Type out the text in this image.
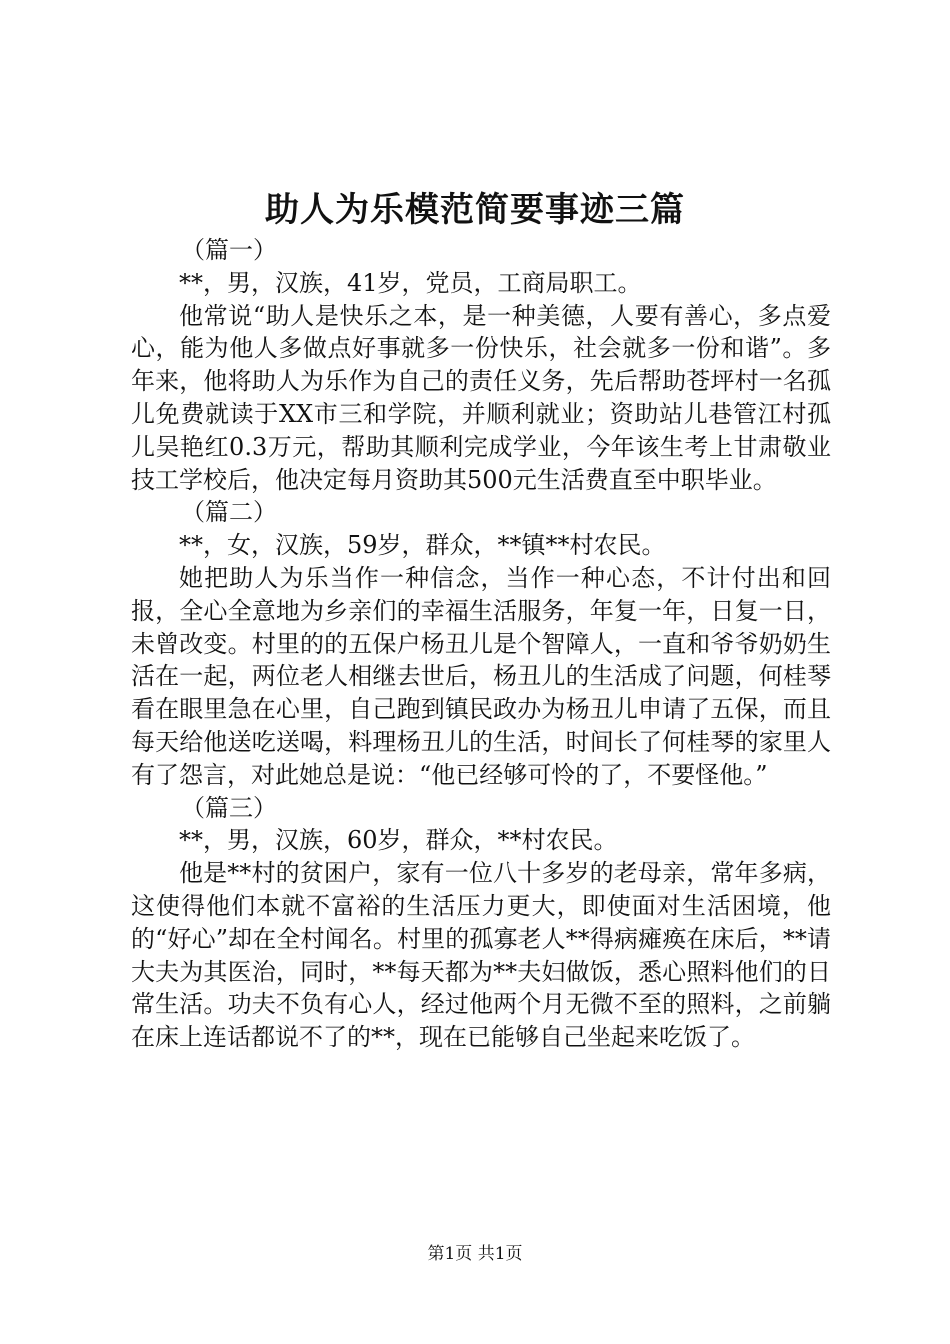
助人为乐模范简要事迹三篇

（篇一）

**，男，汉族，41岁，党员，工商局职工。

他常说“助人是快乐之本，是一种美德，人要有善心，多点爱心，能为他人多做点好事就多一份快乐，社会就多一份和谐”。多年来，他将助人为乐作为自己的责任义务，先后帮助苍坪村一名孤儿免费就读于XX市三和学院，并顺利就业；资助站儿巷管江村孤儿吴艳红0.3万元，帮助其顺利完成学业，今年该生考上甘肃敬业技工学校后，他决定每月资助其500元生活费直至中职毕业。

（篇二）

**，女，汉族，59岁，群众，**镇**村农民。

她把助人为乐当作一种信念，当作一种心态，不计付出和回报，全心全意地为乡亲们的幸福生活服务，年复一年，日复一日，未曾改变。村里的的五保户杨丑儿是个智障人，一直和爷爷奶奶生活在一起，两位老人相继去世后，杨丑儿的生活成了问题，何桂琴看在眼里急在心里，自己跑到镇民政办为杨丑儿申请了五保，而且每天给他送吃送喝，料理杨丑儿的生活，时间长了何桂琴的家里人有了怨言，对此她总是说：“他已经够可怜的了，不要怪他。”

（篇三）

**，男，汉族，60岁，群众，**村农民。

他是**村的贫困户，家有一位八十多岁的老母亲，常年多病，这使得他们本就不富裕的生活压力更大，即使面对生活困境，他的“好心”却在全村闻名。村里的孤寡老人**得病瘫痪在床后，**请大夫为其医治，同时，**每天都为**夫妇做饭，悉心照料他们的日常生活。功夫不负有心人，经过他两个月无微不至的照料，之前躺在床上连话都说不了的**，现在已能够自己坐起来吃饭了。

第1页 共1页
